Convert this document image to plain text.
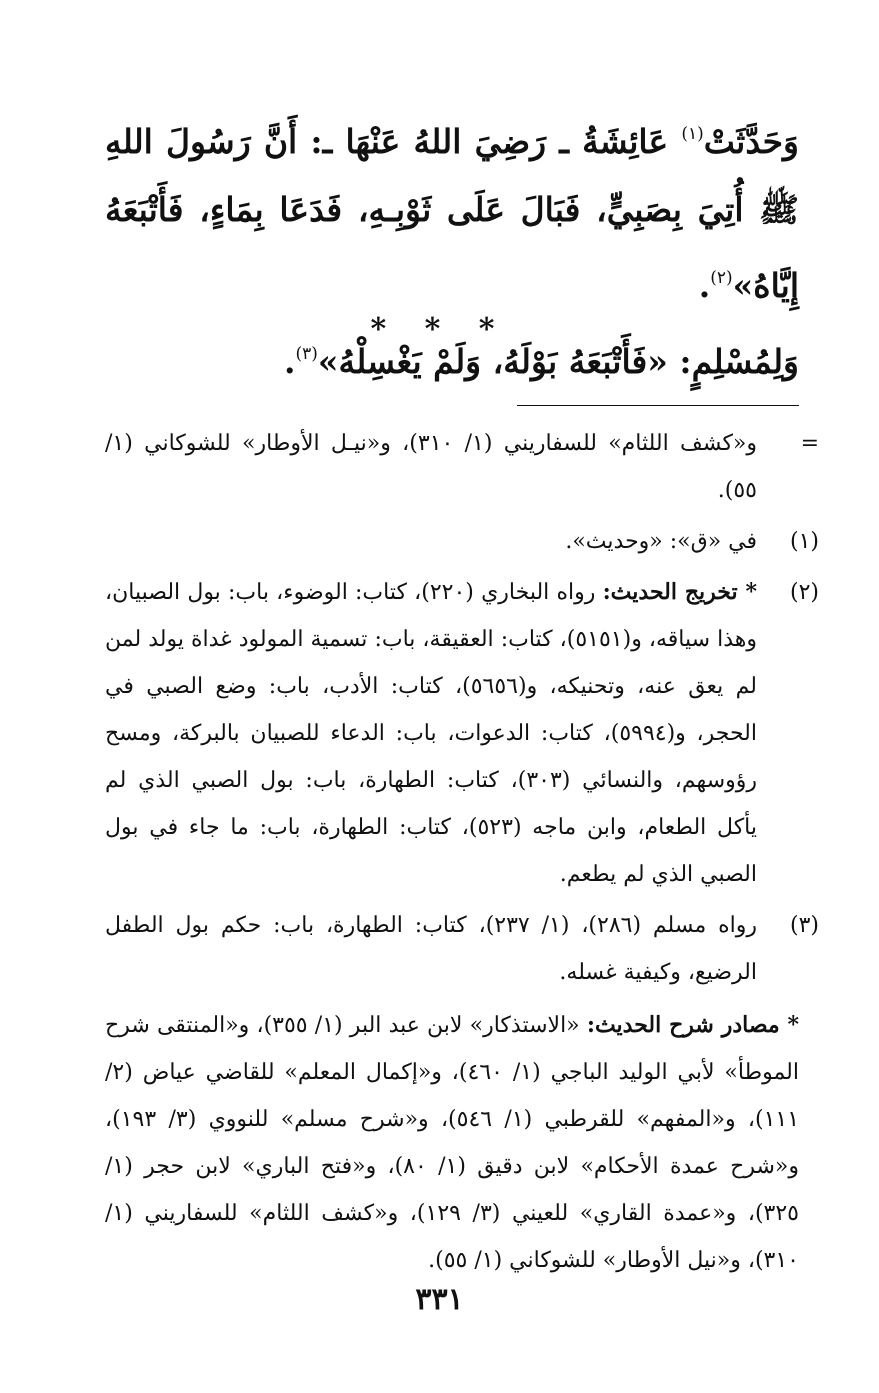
وَحَدَّثَتْ$^{(١)}$ عَائِشَةُ ـ رَضِيَ اللهُ عَنْهَا ـ: أَنَّ رَسُولَ اللهِ ﷺ أُتِيَ بِصَبِيٍّ، فَبَالَ عَلَى ثَوْبِـهِ، فَدَعَا بِمَاءٍ، فَأَتْبَعَهُ إِيَّاهُ»$^{(٢)}$.

وَلِمُسْلِمٍ: «فَأَتْبَعَهُ بَوْلَهُ، وَلَمْ يَغْسِلْهُ»$^{(٣)}$.

* * *
=
و«كشف اللثام» للسفاريني (١/ ٣١٠)، و«نيـل الأوطار» للشوكاني (١/ ٥٥).
(١)
في «ق»: «وحديث».
(٢)
* تخريج الحديث: رواه البخاري (٢٢٠)، كتاب: الوضوء، باب: بول الصبيان، وهذا سياقه، و(٥١٥١)، كتاب: العقيقة، باب: تسمية المولود غداة يولد لمن لم يعق عنه، وتحنيكه، و(٥٦٥٦)، كتاب: الأدب، باب: وضع الصبي في الحجر، و(٥٩٩٤)، كتاب: الدعوات، باب: الدعاء للصبيان بالبركة، ومسح رؤوسهم، والنسائي (٣٠٣)، كتاب: الطهارة، باب: بول الصبي الذي لم يأكل الطعام، وابن ماجه (٥٢٣)، كتاب: الطهارة، باب: ما جاء في بول الصبي الذي لم يطعم.
(٣)
رواه مسلم (٢٨٦)، (١/ ٢٣٧)، كتاب: الطهارة، باب: حكم بول الطفل الرضيع، وكيفية غسله.
* مصادر شرح الحديث: «الاستذكار» لابن عبد البر (١/ ٣٥٥)، و«المنتقى شرح الموطأ» لأبي الوليد الباجي (١/ ٤٦٠)، و«إكمال المعلم» للقاضي عياض (٢/ ١١١)، و«المفهم» للقرطبي (١/ ٥٤٦)، و«شرح مسلم» للنووي (٣/ ١٩٣)، و«شرح عمدة الأحكام» لابن دقيق (١/ ٨٠)، و«فتح الباري» لابن حجر (١/ ٣٢٥)، و«عمدة القاري» للعيني (٣/ ١٢٩)، و«كشف اللثام» للسفاريني (١/ ٣١٠)، و«نيل الأوطار» للشوكاني (١/ ٥٥).
٣٣١
